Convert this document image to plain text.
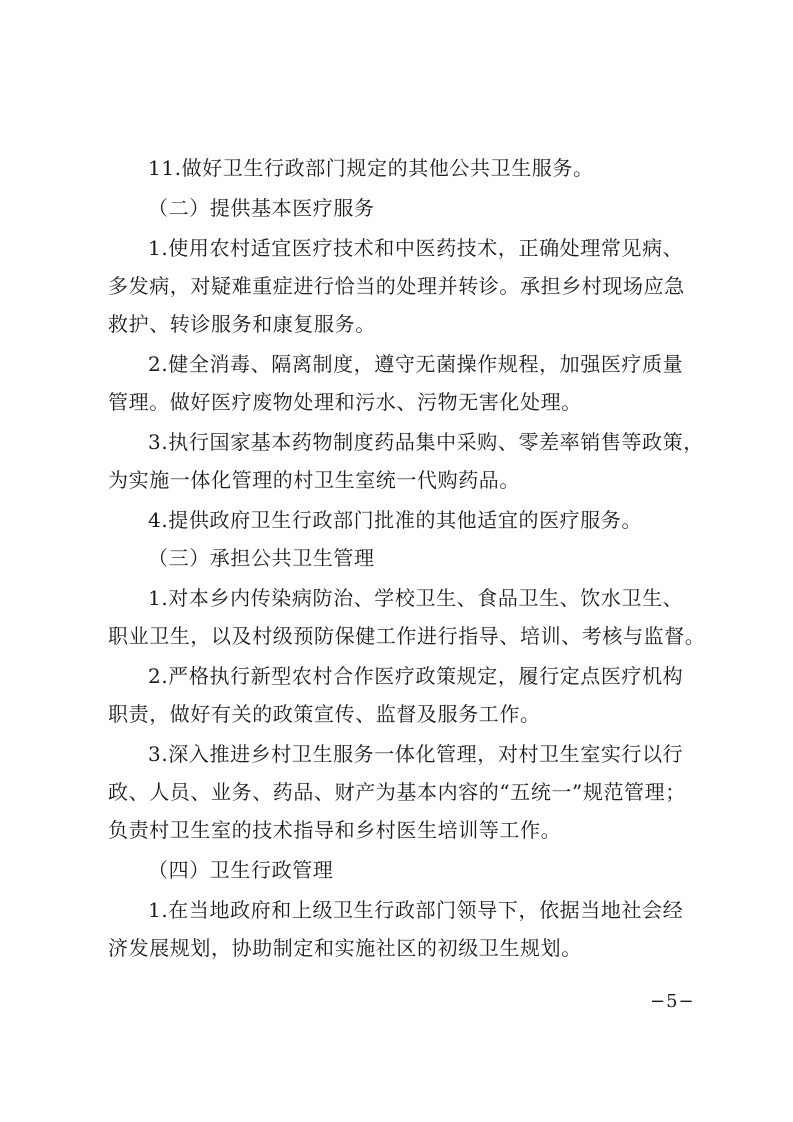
11.做好卫生行政部门规定的其他公共卫生服务。
（二）提供基本医疗服务
1.使用农村适宜医疗技术和中医药技术，正确处理常见病、
多发病，对疑难重症进行恰当的处理并转诊。承担乡村现场应急
救护、转诊服务和康复服务。
2.健全消毒、隔离制度，遵守无菌操作规程，加强医疗质量
管理。做好医疗废物处理和污水、污物无害化处理。
3.执行国家基本药物制度药品集中采购、零差率销售等政策，
为实施一体化管理的村卫生室统一代购药品。
4.提供政府卫生行政部门批准的其他适宜的医疗服务。
（三）承担公共卫生管理
1.对本乡内传染病防治、学校卫生、食品卫生、饮水卫生、
职业卫生，以及村级预防保健工作进行指导、培训、考核与监督。
2.严格执行新型农村合作医疗政策规定，履行定点医疗机构
职责，做好有关的政策宣传、监督及服务工作。
3.深入推进乡村卫生服务一体化管理，对村卫生室实行以行
政、人员、业务、药品、财产为基本内容的“五统一”规范管理；
负责村卫生室的技术指导和乡村医生培训等工作。
（四）卫生行政管理
1.在当地政府和上级卫生行政部门领导下，依据当地社会经
济发展规划，协助制定和实施社区的初级卫生规划。
−5−
